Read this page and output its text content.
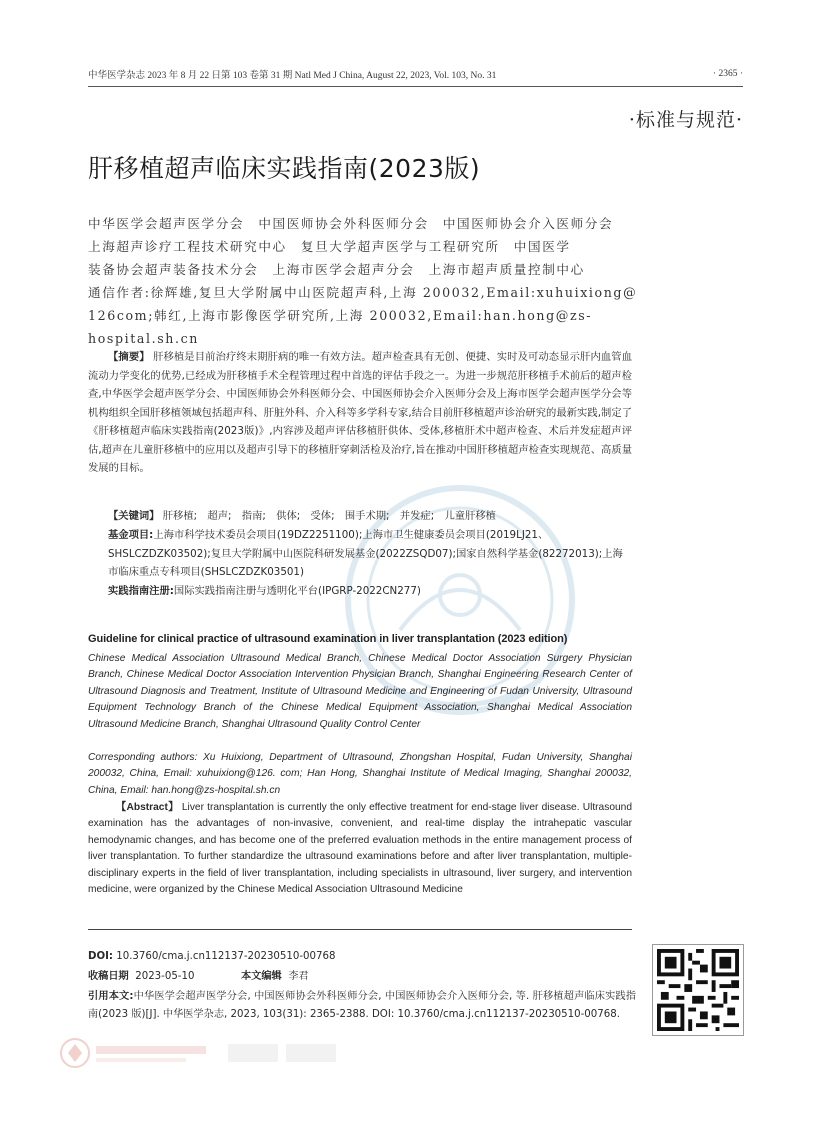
中华医学杂志 2023 年 8 月 22 日第 103 卷第 31 期 Natl Med J China, August 22, 2023, Vol. 103, No. 31	· 2365 ·
·标准与规范·
肝移植超声临床实践指南(2023版)
中华医学会超声医学分会　中国医师协会外科医师分会　中国医师协会介入医师分会
上海超声诊疗工程技术研究中心　复旦大学超声医学与工程研究所　中国医学
装备协会超声装备技术分会　上海市医学会超声分会　上海市超声质量控制中心
通信作者:徐辉雄,复旦大学附属中山医院超声科,上海 200032,Email:xuhuixiong@
126com;韩红,上海市影像医学研究所,上海 200032,Email:han.hong@zs-hospital.sh.cn
【摘要】 肝移植是目前治疗终末期肝病的唯一有效方法。超声检查具有无创、便捷、实时及可动态显示肝内血管血流动力学变化的优势,已经成为肝移植手术全程管理过程中首选的评估手段之一。为进一步规范肝移植手术前后的超声检查,中华医学会超声医学分会、中国医师协会外科医师分会、中国医师协会介入医师分会及上海市医学会超声医学分会等机构组织全国肝移植领域包括超声科、肝脏外科、介入科等多学科专家,结合目前肝移植超声诊治研究的最新实践,制定了《肝移植超声临床实践指南(2023版)》,内容涉及超声评估移植肝供体、受体,移植肝术中超声检查、术后并发症超声评估,超声在儿童肝移植中的应用以及超声引导下的移植肝穿刺活检及治疗,旨在推动中国肝移植超声检查实现规范、高质量发展的目标。
【关键词】 肝移植;　超声;　指南;　供体;　受体;　围手术期;　并发症;　儿童肝移植
基金项目:上海市科学技术委员会项目(19DZ2251100);上海市卫生健康委员会项目(2019LJ21、SHSLCZDZK03502);复旦大学附属中山医院科研发展基金(2022ZSQD07);国家自然科学基金(82272013);上海市临床重点专科项目(SHSLCZDZK03501)
实践指南注册:国际实践指南注册与透明化平台(IPGRP-2022CN277)
Guideline for clinical practice of ultrasound examination in liver transplantation (2023 edition)
Chinese Medical Association Ultrasound Medical Branch, Chinese Medical Doctor Association Surgery Physician Branch, Chinese Medical Doctor Association Intervention Physician Branch, Shanghai Engineering Research Center of Ultrasound Diagnosis and Treatment, Institute of Ultrasound Medicine and Engineering of Fudan University, Ultrasound Equipment Technology Branch of the Chinese Medical Equipment Association, Shanghai Medical Association Ultrasound Medicine Branch, Shanghai Ultrasound Quality Control Center
Corresponding authors: Xu Huixiong, Department of Ultrasound, Zhongshan Hospital, Fudan University, Shanghai 200032, China, Email: xuhuixiong@126. com; Han Hong, Shanghai Institute of Medical Imaging, Shanghai 200032, China, Email: han.hong@zs-hospital.sh.cn
【Abstract】 Liver transplantation is currently the only effective treatment for end-stage liver disease. Ultrasound examination has the advantages of non-invasive, convenient, and real-time display the intrahepatic vascular hemodynamic changes, and has become one of the preferred evaluation methods in the entire management process of liver transplantation. To further standardize the ultrasound examinations before and after liver transplantation, multiple-disciplinary experts in the field of liver transplantation, including specialists in ultrasound, liver surgery, and intervention medicine, were organized by the Chinese Medical Association Ultrasound Medicine
DOI: 10.3760/cma.j.cn112137-20230510-00768
收稿日期 2023-05-10	本文编辑 李君
引用本文:中华医学会超声医学分会, 中国医师协会外科医师分会, 中国医师协会介入医师分会, 等. 肝移植超声临床实践指南(2023 版)[J]. 中华医学杂志, 2023, 103(31): 2365-2388. DOI: 10.3760/cma.j.cn112137-20230510-00768.
